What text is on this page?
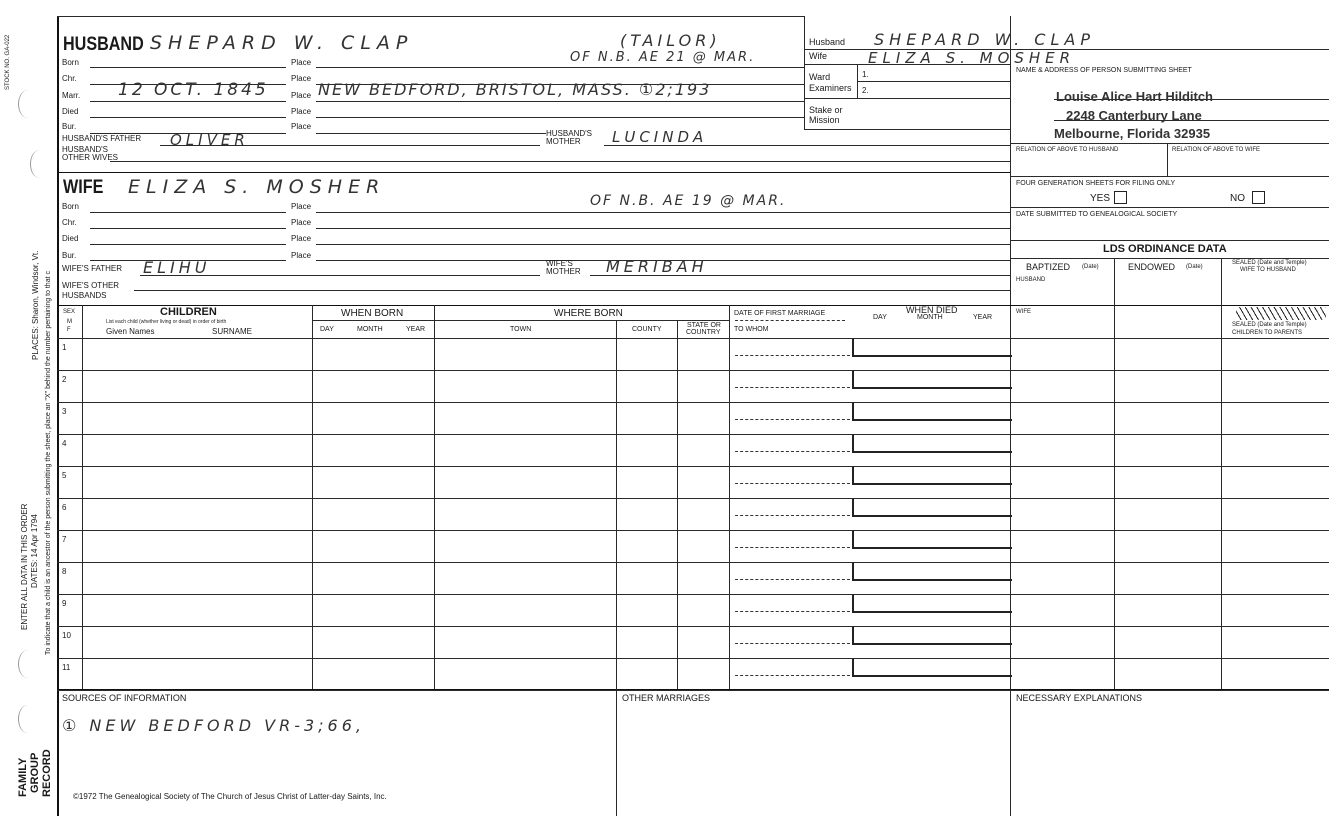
STOCK NO. GA-022
PLACES: Sharon, Windsor, Vt. To indicate that a child is an ancestor of the person submitting the sheet, place an "X" behind the number pertaining to that c
ENTER ALL DATA IN THIS ORDER DATES: 14 Apr 1794
FAMILY GROUP RECORD
1
2
3
4
5
6
7
8
9
10
11
HUSBAND SHEPARD W. CLAP	(TAILOR)
OF N.B. AE 21 @ MAR.
Born	Place
Chr.	Place
Marr. 12 OCT. 1845	Place NEW BEDFORD, BRISTOL, MASS. ①2;193
Died	Place
Bur.	Place
HUSBAND'S FATHER OLIVER	HUSBAND'S
MOTHER LUCINDA
HUSBAND'S
OTHER WIVES
WIFE ELIZA S. MOSHER
OF N.B. AE 19 @ MAR.
Born	Place
Chr.	Place
Died	Place
Bur.	Place
WIFE'S FATHER ELIHU	WIFE'S
MOTHER MERIBAH
WIFE'S OTHER
HUSBANDS
Husband SHEPARD W. CLAP
Wife	ELIZA S. MOSHER
Ward
Examiners
1.
2.
Stake or
Mission
NAME & ADDRESS OF PERSON SUBMITTING SHEET
Louise Alice Hart Hilditch
2248 Canterbury Lane
Melbourne, Florida 32935
RELATION OF ABOVE TO HUSBAND	RELATION OF ABOVE TO WIFE
FOUR GENERATION SHEETS FOR FILING ONLY
YES	NO
DATE SUBMITTED TO GENEALOGICAL SOCIETY
LDS ORDINANCE DATA
BAPTIZED (Date)	ENDOWED (Date)
SEALED (Date and Temple)
WIFE TO HUSBAND
HUSBAND
WIFE
SEALED (Date and Temple)
CHILDREN TO PARENTS
SEX
M
F
CHILDREN
List each child (whether living or dead) in order of birth
Given Names	SURNAME
WHEN BORN
DAY	MONTH	YEAR
WHERE BORN
TOWN	COUNTY
STATE OR
COUNTRY
DATE OF FIRST MARRIAGE
TO WHOM
WHEN DIED
DAY	MONTH	YEAR
SOURCES OF INFORMATION
① NEW BEDFORD VR-3;66,
OTHER MARRIAGES	NECESSARY EXPLANATIONS
©1972 The Genealogical Society of The Church of Jesus Christ of Latter-day Saints, Inc.
